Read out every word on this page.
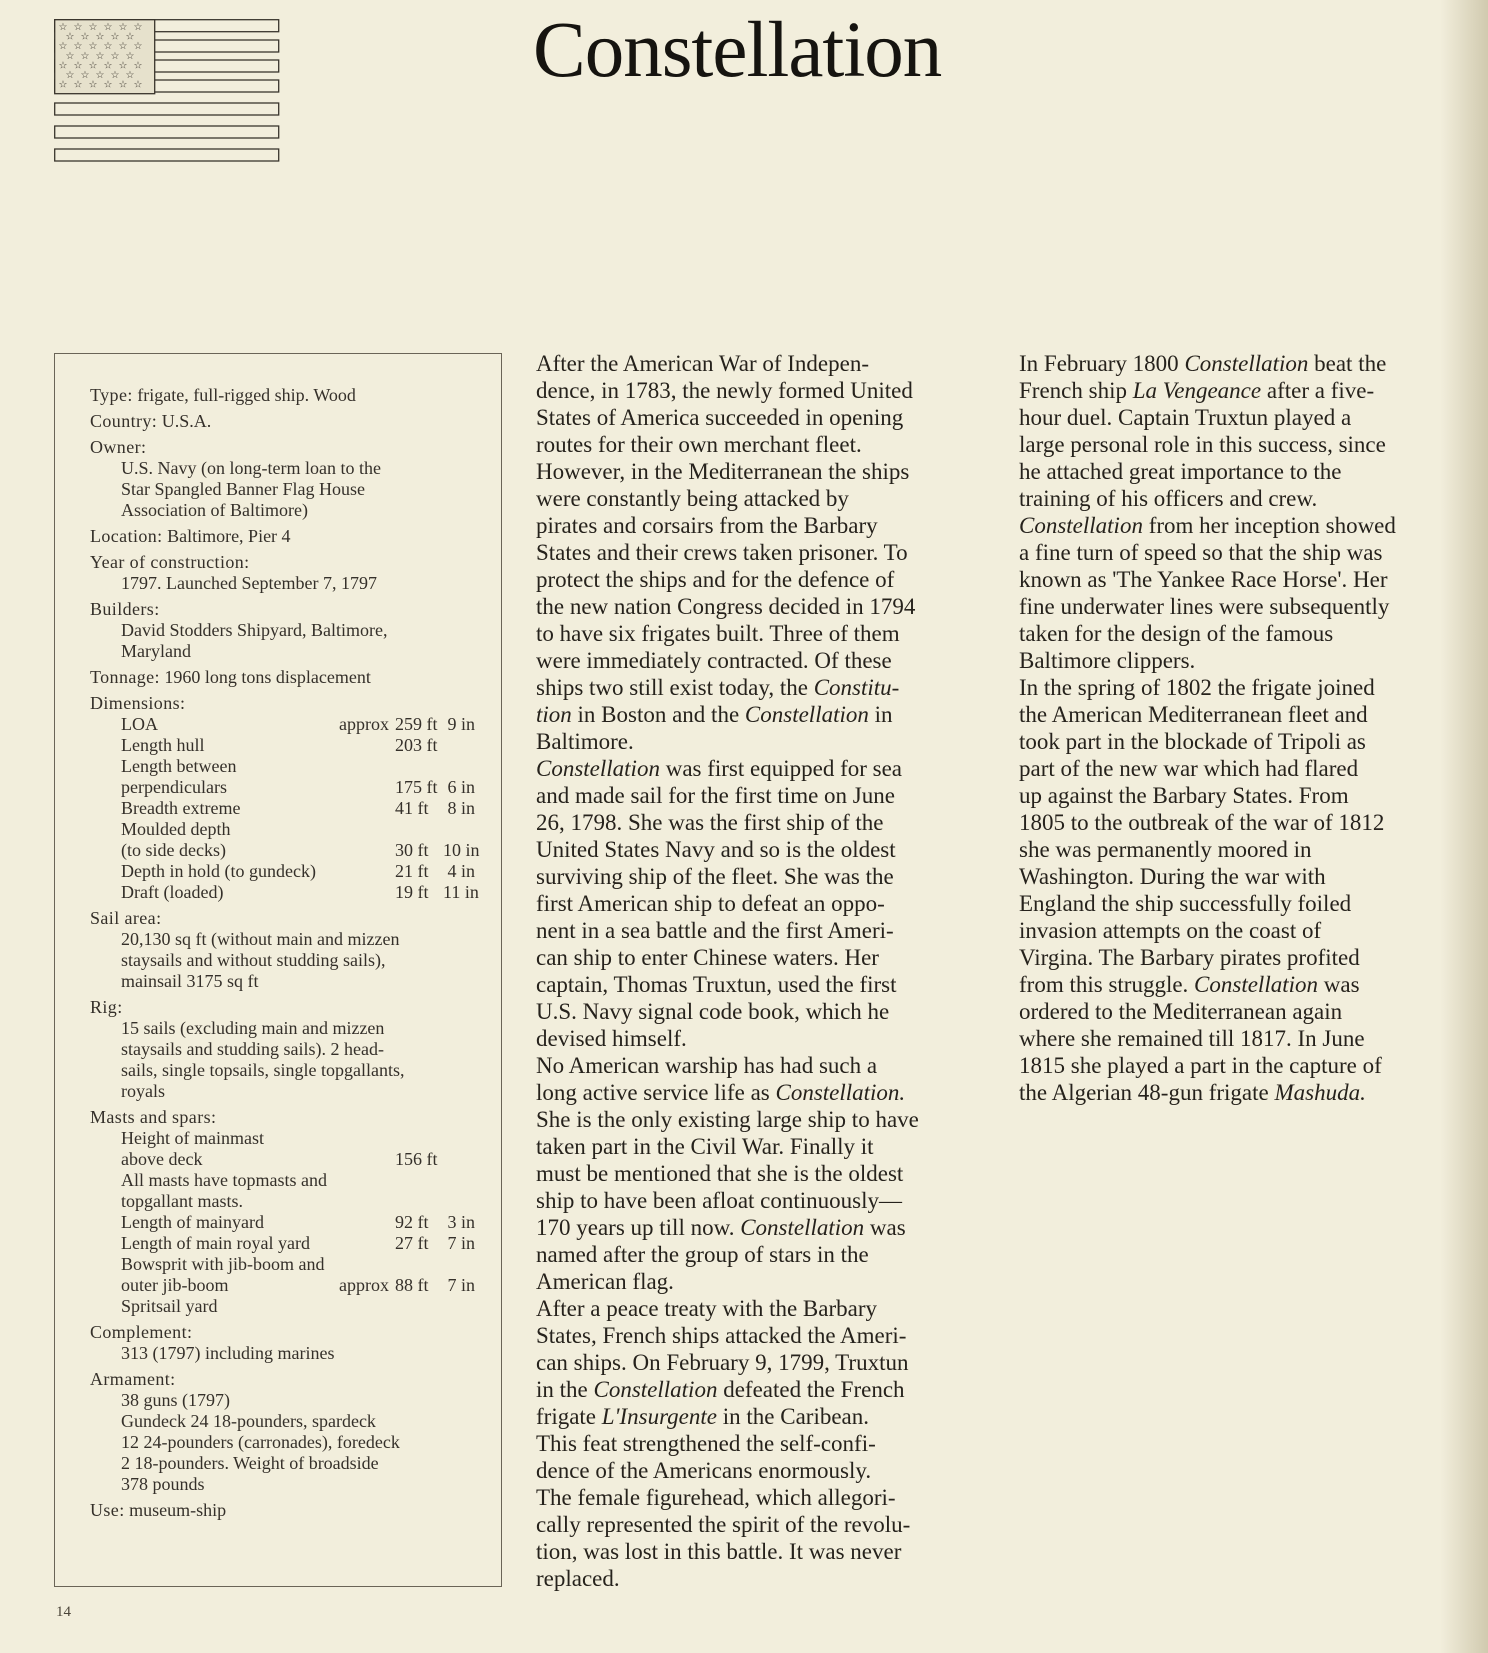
☆ ☆ ☆ ☆ ☆ ☆
☆ ☆ ☆ ☆ ☆
☆ ☆ ☆ ☆ ☆ ☆
☆ ☆ ☆ ☆ ☆
☆ ☆ ☆ ☆ ☆ ☆
☆ ☆ ☆ ☆ ☆
☆ ☆ ☆ ☆ ☆ ☆	Constellation
Type: frigate, full-rigged ship. Wood
Country: U.S.A.
Owner:
U.S. Navy (on long-term loan to the
Star Spangled Banner Flag House
Association of Baltimore)
Location: Baltimore, Pier 4
Year of construction:
1797. Launched September 7, 1797
Builders:
David Stodders Shipyard, Baltimore,
Maryland
Tonnage: 1960 long tons displacement
Dimensions:
LOA	approx 259 ft 9 in
Length hull	203 ft
Length between
perpendiculars	175 ft 6 in
Breadth extreme	41 ft	8 in
Moulded depth
(to side decks)	30 ft 10 in
Depth in hold (to gundeck)	21 ft	4 in
Draft (loaded)	19 ft 11 in
Sail area:
20,130 sq ft (without main and mizzen
staysails and without studding sails),
mainsail 3175 sq ft
Rig:
15 sails (excluding main and mizzen
staysails and studding sails). 2 head-
sails, single topsails, single topgallants,
royals
Masts and spars:
Height of mainmast
above deck	156 ft
All masts have topmasts and
topgallant masts.
Length of mainyard	92 ft	3 in
Length of main royal yard	27 ft	7 in
Bowsprit with jib-boom and
outer jib-boom	approx 88 ft	7 in
Spritsail yard
Complement:
313 (1797) including marines
Armament:
38 guns (1797)
Gundeck 24 18-pounders, spardeck
12 24-pounders (carronades), foredeck
2 18-pounders. Weight of broadside
378 pounds
Use: museum-ship

After the American War of Indepen-

dence, in 1783, the newly formed United

States of America succeeded in opening

routes for their own merchant fleet.

However, in the Mediterranean the ships

were constantly being attacked by

pirates and corsairs from the Barbary

States and their crews taken prisoner. To

protect the ships and for the defence of

the new nation Congress decided in 1794

to have six frigates built. Three of them

were immediately contracted. Of these

ships two still exist today, the Constitu-

tion in Boston and the Constellation in

Baltimore.

Constellation was first equipped for sea

and made sail for the first time on June

26, 1798. She was the first ship of the

United States Navy and so is the oldest

surviving ship of the fleet. She was the

first American ship to defeat an oppo-

nent in a sea battle and the first Ameri-

can ship to enter Chinese waters. Her

captain, Thomas Truxtun, used the first

U.S. Navy signal code book, which he

devised himself.

No American warship has had such a

long active service life as Constellation.

She is the only existing large ship to have

taken part in the Civil War. Finally it

must be mentioned that she is the oldest

ship to have been afloat continuously—

170 years up till now. Constellation was

named after the group of stars in the

American flag.

After a peace treaty with the Barbary

States, French ships attacked the Ameri-

can ships. On February 9, 1799, Truxtun

in the Constellation defeated the French

frigate L'Insurgente in the Caribean.

This feat strengthened the self-confi-

dence of the Americans enormously.

The female figurehead, which allegori-

cally represented the spirit of the revolu-

tion, was lost in this battle. It was never

replaced.

In February 1800 Constellation beat the

French ship La Vengeance after a five-

hour duel. Captain Truxtun played a

large personal role in this success, since

he attached great importance to the

training of his officers and crew.

Constellation from her inception showed

a fine turn of speed so that the ship was

known as 'The Yankee Race Horse'. Her

fine underwater lines were subsequently

taken for the design of the famous

Baltimore clippers.

In the spring of 1802 the frigate joined

the American Mediterranean fleet and

took part in the blockade of Tripoli as

part of the new war which had flared

up against the Barbary States. From

1805 to the outbreak of the war of 1812

she was permanently moored in

Washington. During the war with

England the ship successfully foiled

invasion attempts on the coast of

Virgina. The Barbary pirates profited

from this struggle. Constellation was

ordered to the Mediterranean again

where she remained till 1817. In June

1815 she played a part in the capture of

the Algerian 48-gun frigate Mashuda.

14
